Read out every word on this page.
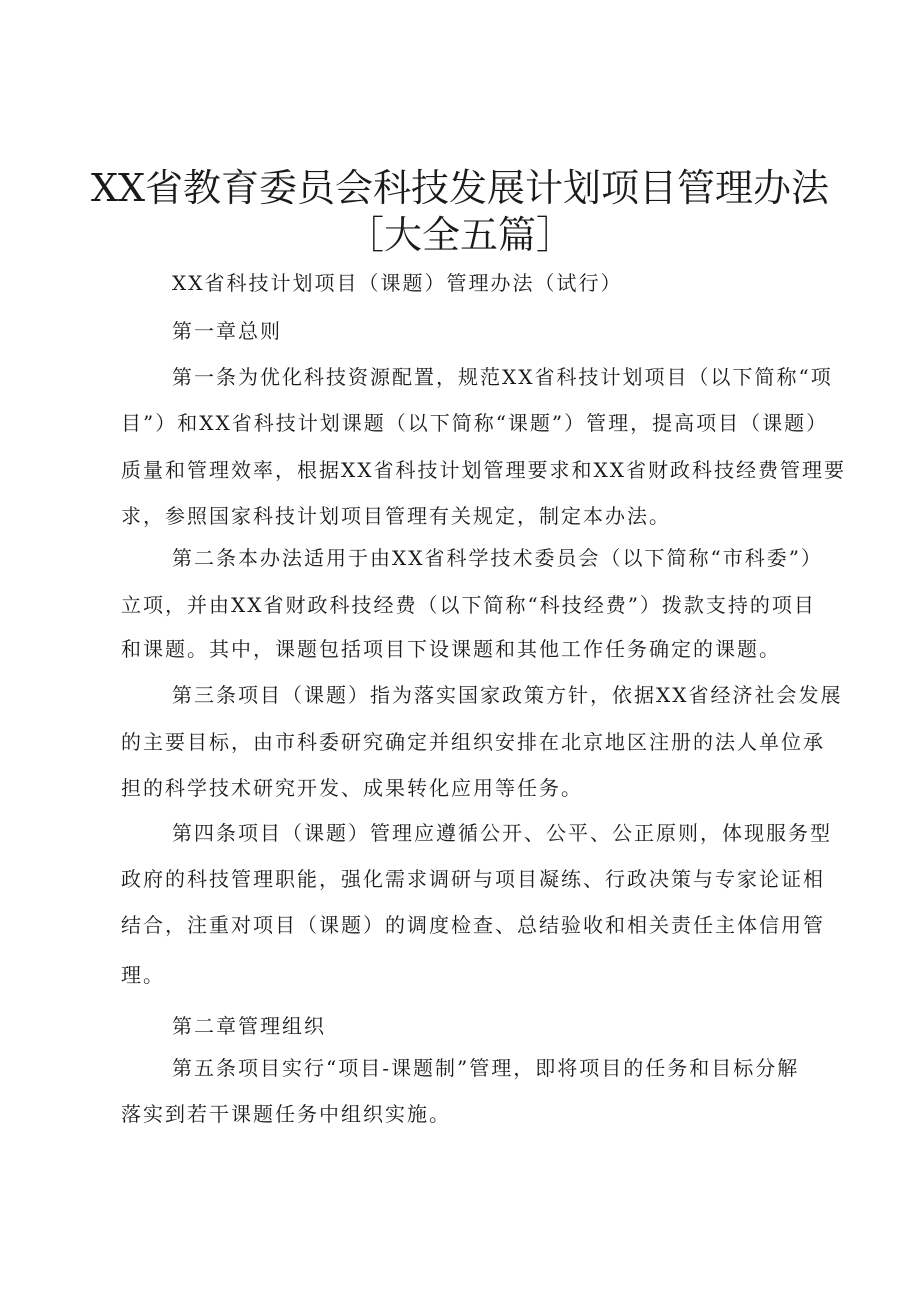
XX省教育委员会科技发展计划项目管理办法
［大全五篇］

XX省科技计划项目（课题）管理办法（试行）

第一章总则

第一条为优化科技资源配置，规范XX省科技计划项目（以下简称“项

目”）和XX省科技计划课题（以下简称“课题”）管理，提高项目（课题）

质量和管理效率，根据XX省科技计划管理要求和XX省财政科技经费管理要

求，参照国家科技计划项目管理有关规定，制定本办法。

第二条本办法适用于由XX省科学技术委员会（以下简称“市科委”）

立项，并由XX省财政科技经费（以下简称“科技经费”）拨款支持的项目

和课题。其中，课题包括项目下设课题和其他工作任务确定的课题。

第三条项目（课题）指为落实国家政策方针，依据XX省经济社会发展

的主要目标，由市科委研究确定并组织安排在北京地区注册的法人单位承

担的科学技术研究开发、成果转化应用等任务。

第四条项目（课题）管理应遵循公开、公平、公正原则，体现服务型

政府的科技管理职能，强化需求调研与项目凝练、行政决策与专家论证相

结合，注重对项目（课题）的调度检查、总结验收和相关责任主体信用管

理。

第二章管理组织

第五条项目实行“项目-课题制”管理，即将项目的任务和目标分解

落实到若干课题任务中组织实施。
